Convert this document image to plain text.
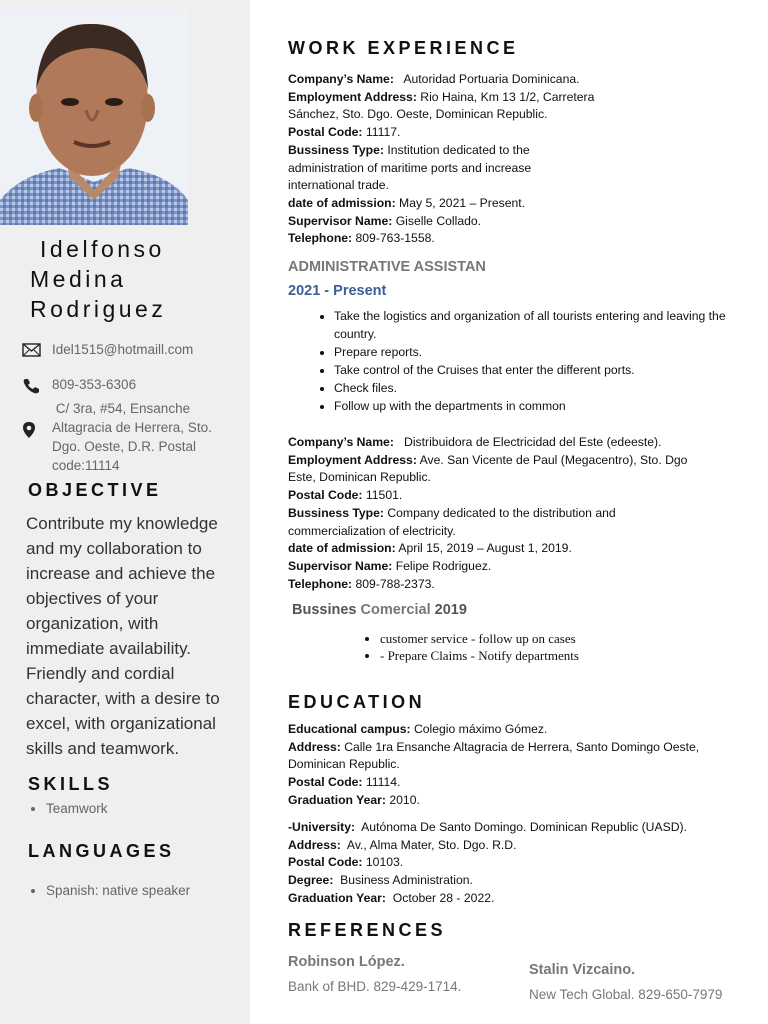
Idelfonso
Medina
Rodriguez
Idel1515@hotmaill.com
809-353-6306
C/ 3ra, #54, Ensanche
Altagracia de Herrera, Sto.
Dgo. Oeste, D.R. Postal
code:11114
OBJECTIVE
Contribute my knowledge and my collaboration to increase and achieve the objectives of your organization, with immediate availability. Friendly and cordial character, with a desire to excel, with organizational skills and teamwork.
SKILLS
• Teamwork
LANGUAGES
• Spanish: native speaker
WORK EXPERIENCE
Company’s Name:   Autoridad Portuaria Dominicana.
Employment Address: Rio Haina, Km 13 1/2, Carretera
Sánchez, Sto. Dgo. Oeste, Dominican Republic.
Postal Code: 11117.
Bussiness Type: Institution dedicated to the
administration of maritime ports and increase
international trade.
date of admission: May 5, 2021 – Present.
Supervisor Name: Giselle Collado.
Telephone: 809-763-1558.
ADMINISTRATIVE ASSISTAN
2021 - Present
• Take the logistics and organization of all tourists entering and leaving the country.
• Prepare reports.
• Take control of the Cruises that enter the different ports.
• Check files.
• Follow up with the departments in common
Company’s Name:   Distribuidora de Electricidad del Este (edeeste).
Employment Address: Ave. San Vicente de Paul (Megacentro), Sto. Dgo
Este, Dominican Republic.
Postal Code: 11501.
Bussiness Type: Company dedicated to the distribution and
commercialization of electricity.
date of admission: April 15, 2019 – August 1, 2019.
Supervisor Name: Felipe Rodriguez.
Telephone: 809-788-2373.
Bussines Comercial 2019
• customer service - follow up on cases
• - Prepare Claims - Notify departments
EDUCATION
Educational campus: Colegio máximo Gómez.
Address: Calle 1ra Ensanche Altagracia de Herrera, Santo Domingo Oeste,
Dominican Republic.
Postal Code: 11114.
Graduation Year: 2010.
-University:  Autónoma De Santo Domingo. Dominican Republic (UASD).
Address:  Av., Alma Mater, Sto. Dgo. R.D.
Postal Code: 10103.
Degree:  Business Administration.
Graduation Year:  October 28 - 2022.
REFERENCES
Robinson López.
Bank of BHD. 829-429-1714.
Stalin Vizcaino.
New Tech Global. 829-650-7979
